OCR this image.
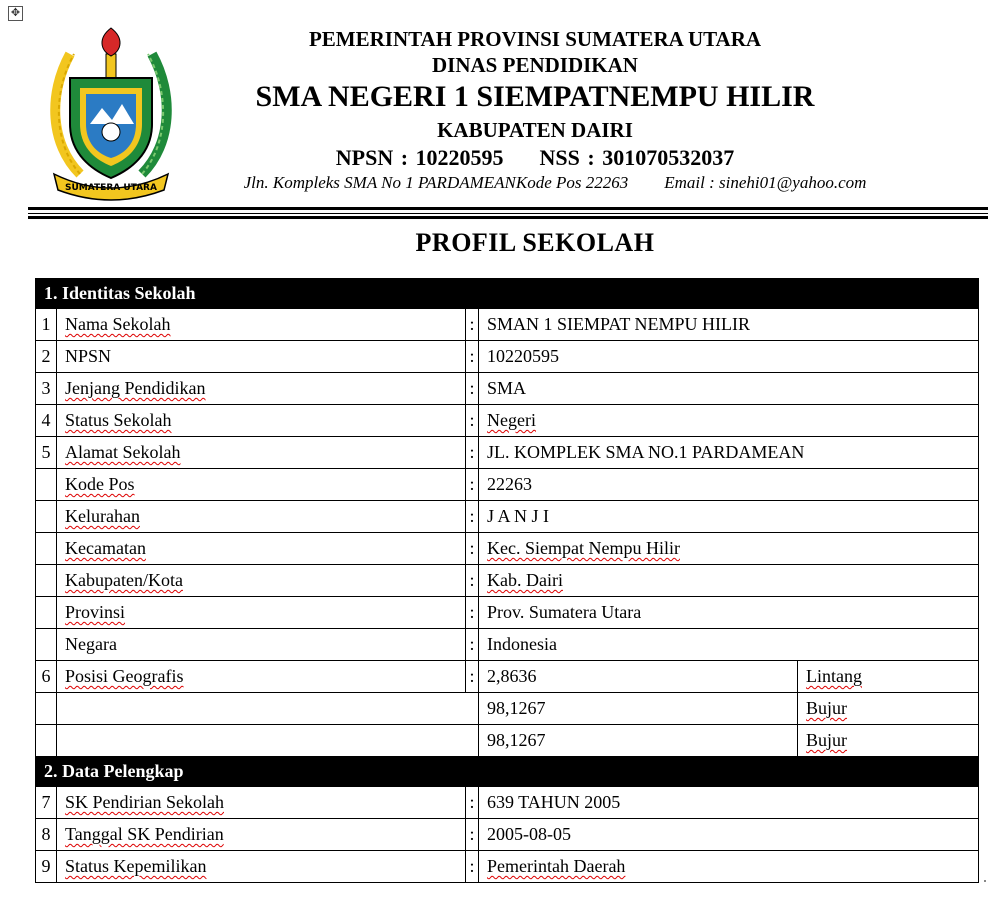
✥
SUMATERA UTARA
PEMERINTAH PROVINSI SUMATERA UTARA
DINAS PENDIDIKAN
SMA NEGERI 1 SIEMPATNEMPU HILIR
KABUPATEN DAIRI
NPSN : 10220595 NSS : 301070532037
Jln. Kompleks SMA No 1 PARDAMEANKode Pos 22263 Email : sinehi01@yahoo.com
PROFIL SEKOLAH
1. Identitas Sekolah				
1	Nama Sekolah	:	SMAN 1 SIEMPAT NEMPU HILIR	
2	NPSN	:	10220595	
3	Jenjang Pendidikan	:	SMA	
4	Status Sekolah	:	Negeri	
5	Alamat Sekolah	:	JL. KOMPLEK SMA NO.1 PARDAMEAN	
	Kode Pos	:	22263	
	Kelurahan	:	J A N J I	
	Kecamatan	:	Kec. Siempat Nempu Hilir	
	Kabupaten/Kota	:	Kab. Dairi	
	Provinsi	:	Prov. Sumatera Utara	
	Negara	:	Indonesia	
6	Posisi Geografis	:	2,8636	Lintang
			98,1267	Bujur
			98,1267	Bujur
2. Data Pelengkap				
7	SK Pendirian Sekolah	:	639 TAHUN 2005	
8	Tanggal SK Pendirian	:	2005-08-05	
9	Status Kepemilikan	:	Pemerintah Daerah	
